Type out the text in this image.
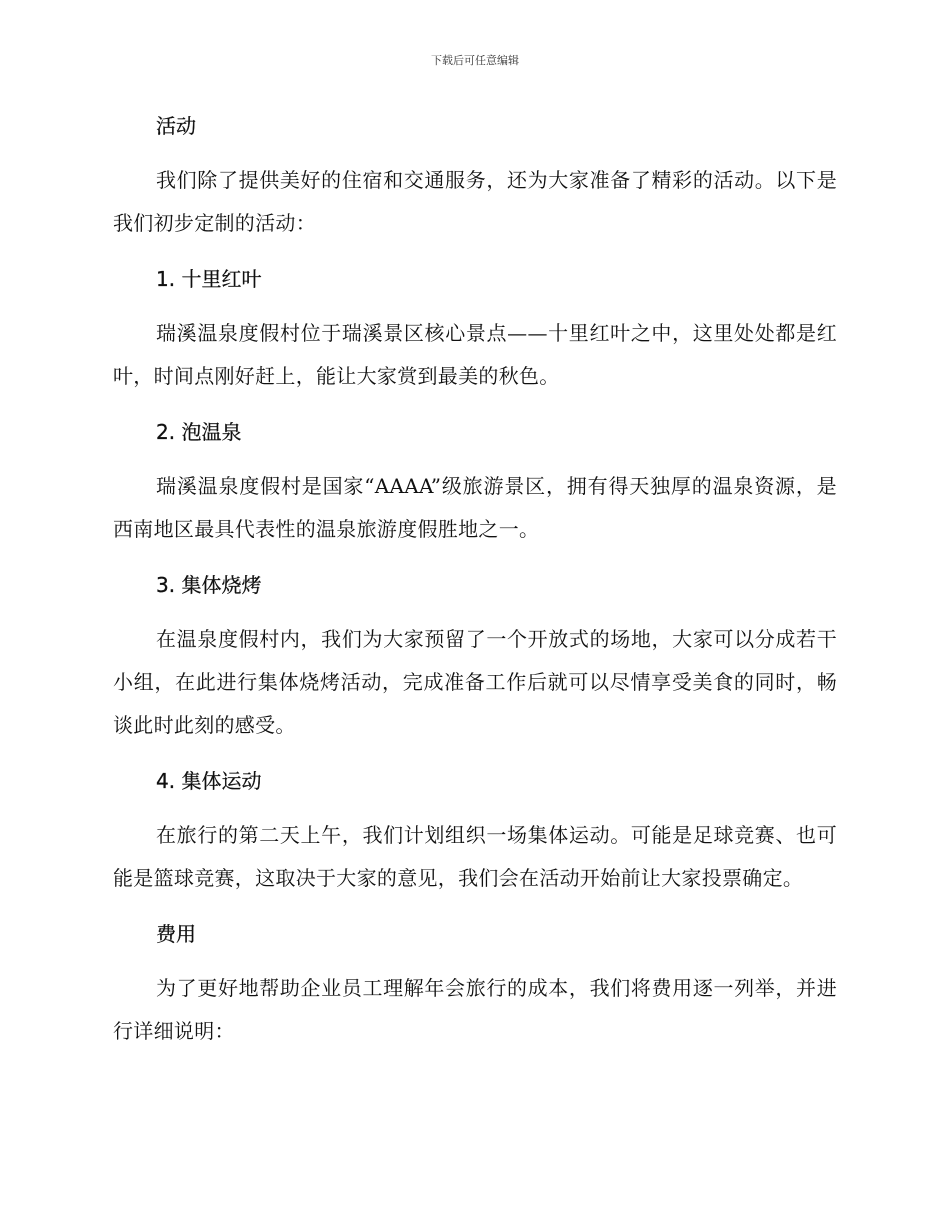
下载后可任意编辑
活动

我们除了提供美好的住宿和交通服务，还为大家准备了精彩的活动。以下是我们初步定制的活动：

1. 十里红叶

瑞溪温泉度假村位于瑞溪景区核心景点——十里红叶之中，这里处处都是红叶，时间点刚好赶上，能让大家赏到最美的秋色。

2. 泡温泉

瑞溪温泉度假村是国家“AAAA”级旅游景区，拥有得天独厚的温泉资源，是西南地区最具代表性的温泉旅游度假胜地之一。

3. 集体烧烤

在温泉度假村内，我们为大家预留了一个开放式的场地，大家可以分成若干小组，在此进行集体烧烤活动，完成准备工作后就可以尽情享受美食的同时，畅谈此时此刻的感受。

4. 集体运动

在旅行的第二天上午，我们计划组织一场集体运动。可能是足球竞赛、也可能是篮球竞赛，这取决于大家的意见，我们会在活动开始前让大家投票确定。

费用

为了更好地帮助企业员工理解年会旅行的成本，我们将费用逐一列举，并进行详细说明：
